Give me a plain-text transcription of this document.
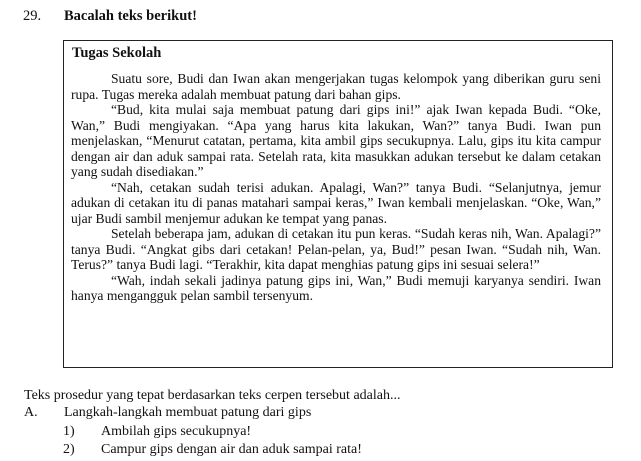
29. Bacalah teks berikut!
Tugas Sekolah

Suatu sore, Budi dan Iwan akan mengerjakan tugas kelompok yang diberikan guru seni rupa. Tugas mereka adalah membuat patung dari bahan gips.

“Bud, kita mulai saja membuat patung dari gips ini!” ajak Iwan kepada Budi. “Oke, Wan,” Budi mengiyakan. “Apa yang harus kita lakukan, Wan?” tanya Budi. Iwan pun menjelaskan, “Menurut catatan, pertama, kita ambil gips secukupnya. Lalu, gips itu kita campur dengan air dan aduk sampai rata. Setelah rata, kita masukkan adukan tersebut ke dalam cetakan yang sudah disediakan.”

“Nah, cetakan sudah terisi adukan. Apalagi, Wan?” tanya Budi. “Selanjutnya, jemur adukan di cetakan itu di panas matahari sampai keras,” Iwan kembali menjelaskan. “Oke, Wan,” ujar Budi sambil menjemur adukan ke tempat yang panas.

Setelah beberapa jam, adukan di cetakan itu pun keras. “Sudah keras nih, Wan. Apalagi?” tanya Budi. “Angkat gibs dari cetakan! Pelan-pelan, ya, Bud!” pesan Iwan. “Sudah nih, Wan. Terus?” tanya Budi lagi. “Terakhir, kita dapat menghias patung gips ini sesuai selera!”

“Wah, indah sekali jadinya patung gips ini, Wan,” Budi memuji karyanya sendiri. Iwan hanya mengangguk pelan sambil tersenyum.

Teks prosedur yang tepat berdasarkan teks cerpen tersebut adalah...
A. Langkah-langkah membuat patung dari gips
1) Ambilah gips secukupnya!
2) Campur gips dengan air dan aduk sampai rata!
